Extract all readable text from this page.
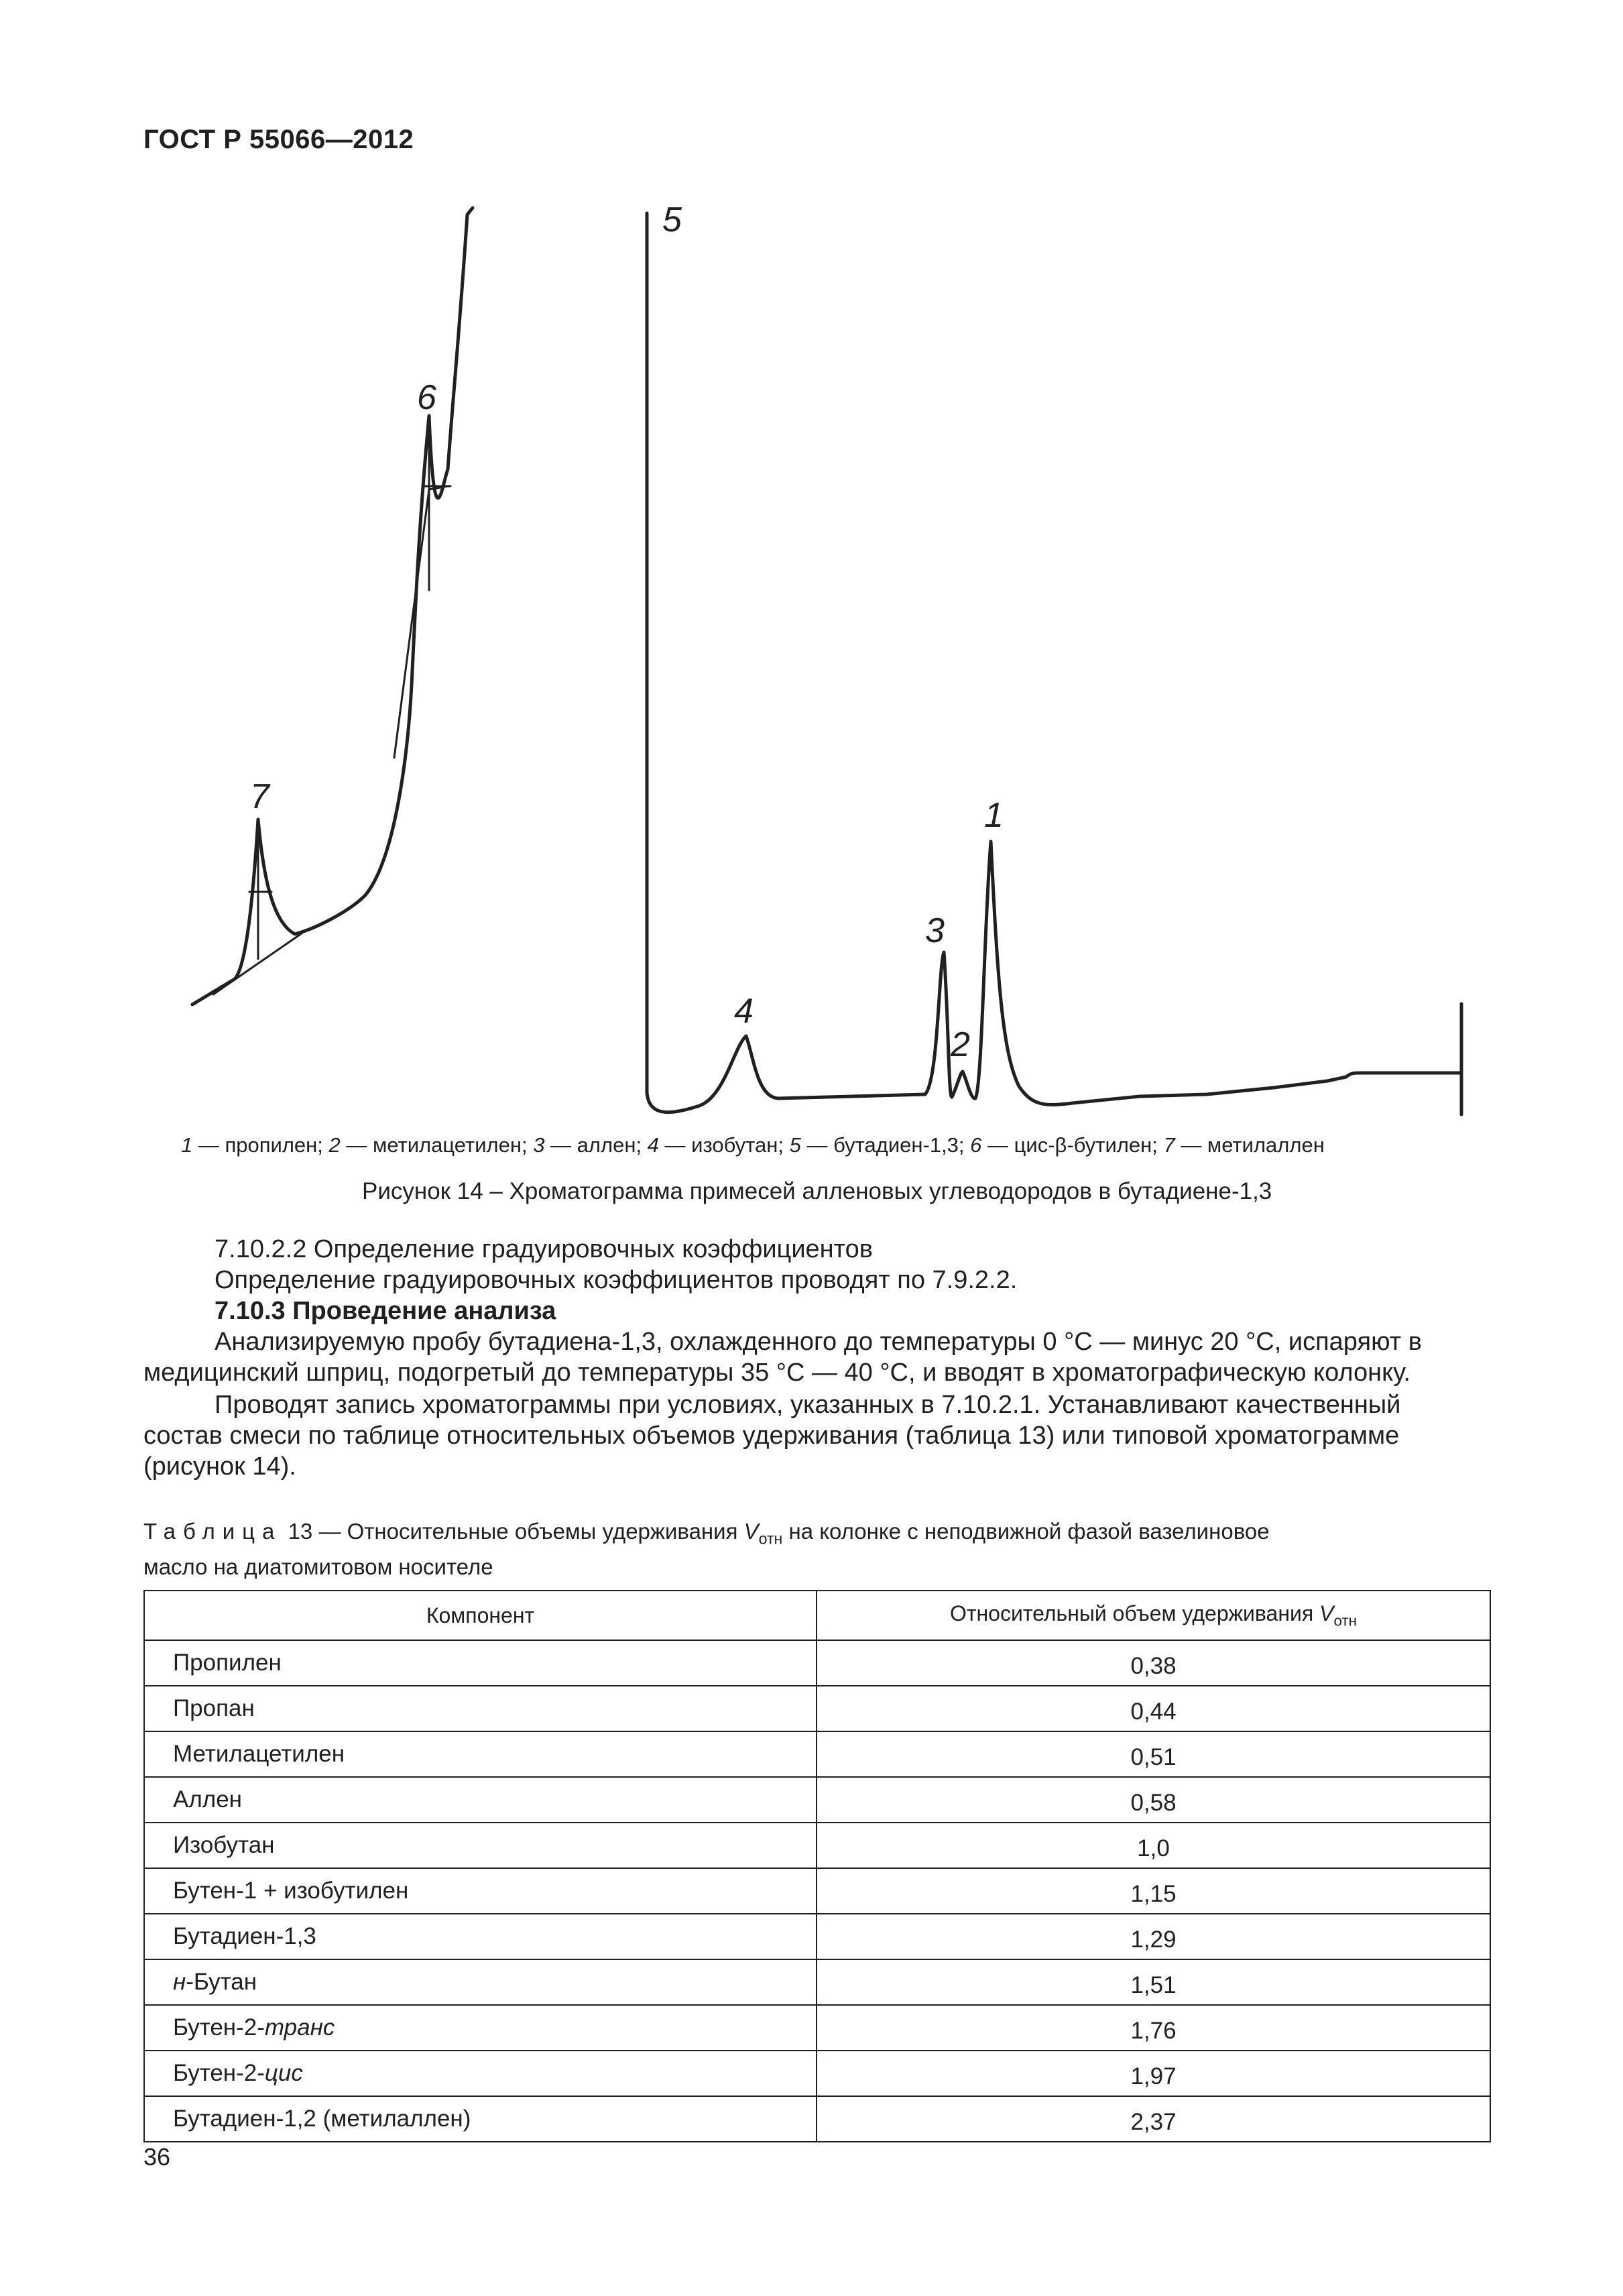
ГОСТ Р 55066—2012
5
6
7	1
3
4
2
1 — пропилен; 2 — метилацетилен; 3 — аллен; 4 — изобутан; 5 — бутадиен-1,3; 6 — цис-β-бутилен; 7 — метилаллен
Рисунок 14 – Хроматограмма примесей алленовых углеводородов в бутадиене-1,3
7.10.2.2 Определение градуировочных коэффициентов
Определение градуировочных коэффициентов проводят по 7.9.2.2.
7.10.3 Проведение анализа
Анализируемую пробу бутадиена-1,3, охлажденного до температуры 0 °С — минус 20 °С, испаряют в
медицинский шприц, подогретый до температуры 35 °С — 40 °С, и вводят в хроматографическую колонку.
Проводят запись хроматограммы при условиях, указанных в 7.10.2.1. Устанавливают качественный
состав смеси по таблице относительных объемов удерживания (таблица 13) или типовой хроматограмме
(рисунок 14).
Таблица 13 — Относительные объемы удерживания $V_{отн}$ на колонке с неподвижной фазой вазелиновое
масло на диатомитовом носителе
Компонент	Относительный объем удерживания $V_{отн}$
Пропилен	0,38
Пропан	0,44
Метилацетилен	0,51
Аллен	0,58
Изобутан	1,0
Бутен-1 + изобутилен	1,15
Бутадиен-1,3	1,29
н-Бутан	1,51
Бутен-2-транс	1,76
Бутен-2-цис	1,97
Бутадиен-1,2 (метилаллен)	2,37
36
